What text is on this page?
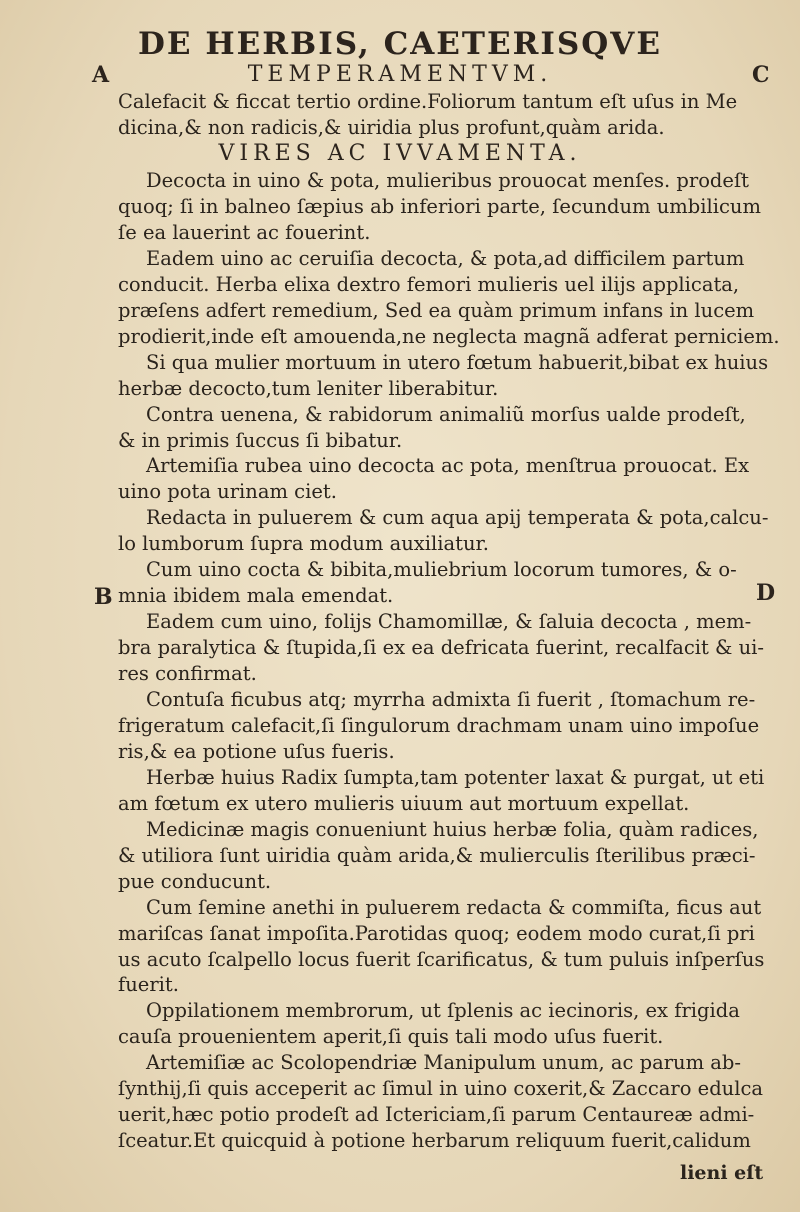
DE HERBIS, CAETERISQVE
A	C
B	D
TEMPERAMENTVM.
Calefacit & ficcat tertio ordine.Foliorum tantum eſt uſus in Me
dicina,& non radicis,& uiridia plus profunt,quàm arida.
VIRES AC IVVAMENTA.
Decocta in uino & pota, mulieribus prouocat menſes. prodeſt
quoq; ſi in balneo ſæpius ab inferiori parte, ſecundum umbilicum
ſe ea lauerint ac fouerint.
Eadem uino ac ceruiſia decocta, & pota,ad difficilem partum
conducit. Herba elixa dextro femori mulieris uel ilijs applicata,
præſens adfert remedium, Sed ea quàm primum infans in lucem
prodierit,inde eſt amouenda,ne neglecta magnã adferat perniciem.
Si qua mulier mortuum in utero fœtum habuerit,bibat ex huius
herbæ decocto,tum leniter liberabitur.
Contra uenena, & rabidorum animaliũ morſus ualde prodeſt,
& in primis ſuccus ſi bibatur.
Artemiſia rubea uino decocta ac pota, menſtrua prouocat. Ex
uino pota urinam ciet.
Redacta in puluerem & cum aqua apij temperata & pota,calcu-
lo lumborum ſupra modum auxiliatur.
Cum uino cocta & bibita,muliebrium locorum tumores, & o-
mnia ibidem mala emendat.
Eadem cum uino, folijs Chamomillæ, & ſaluia decocta , mem-
bra paralytica & ſtupida,ſi ex ea defricata fuerint, recalfacit & ui-
res confirmat.
Contuſa ficubus atq; myrrha admixta ſi fuerit , ſtomachum re-
frigeratum calefacit,ſi ſingulorum drachmam unam uino impoſue
ris,& ea potione uſus fueris.
Herbæ huius Radix ſumpta,tam potenter laxat & purgat, ut eti
am fœtum ex utero mulieris uiuum aut mortuum expellat.
Medicinæ magis conueniunt huius herbæ folia, quàm radices,
& utiliora ſunt uiridia quàm arida,& mulierculis ſterilibus præci-
pue conducunt.
Cum ſemine anethi in puluerem redacta & commiſta, ficus aut
mariſcas ſanat impoſita.Parotidas quoq; eodem modo curat,ſi pri
us acuto ſcalpello locus fuerit ſcarificatus, & tum puluis inſperſus
fuerit.
Oppilationem membrorum, ut ſplenis ac iecinoris, ex frigida
cauſa prouenientem aperit,ſi quis tali modo uſus fuerit.
Artemiſiæ ac Scolopendriæ Manipulum unum, ac parum ab-
ſynthij,ſi quis acceperit ac ſimul in uino coxerit,& Zaccaro edulca
uerit,hæc potio prodeſt ad Ictericiam,ſi parum Centaureæ admi-
ſceatur.Et quicquid à potione herbarum reliquum fuerit,calidum
lieni eſt
